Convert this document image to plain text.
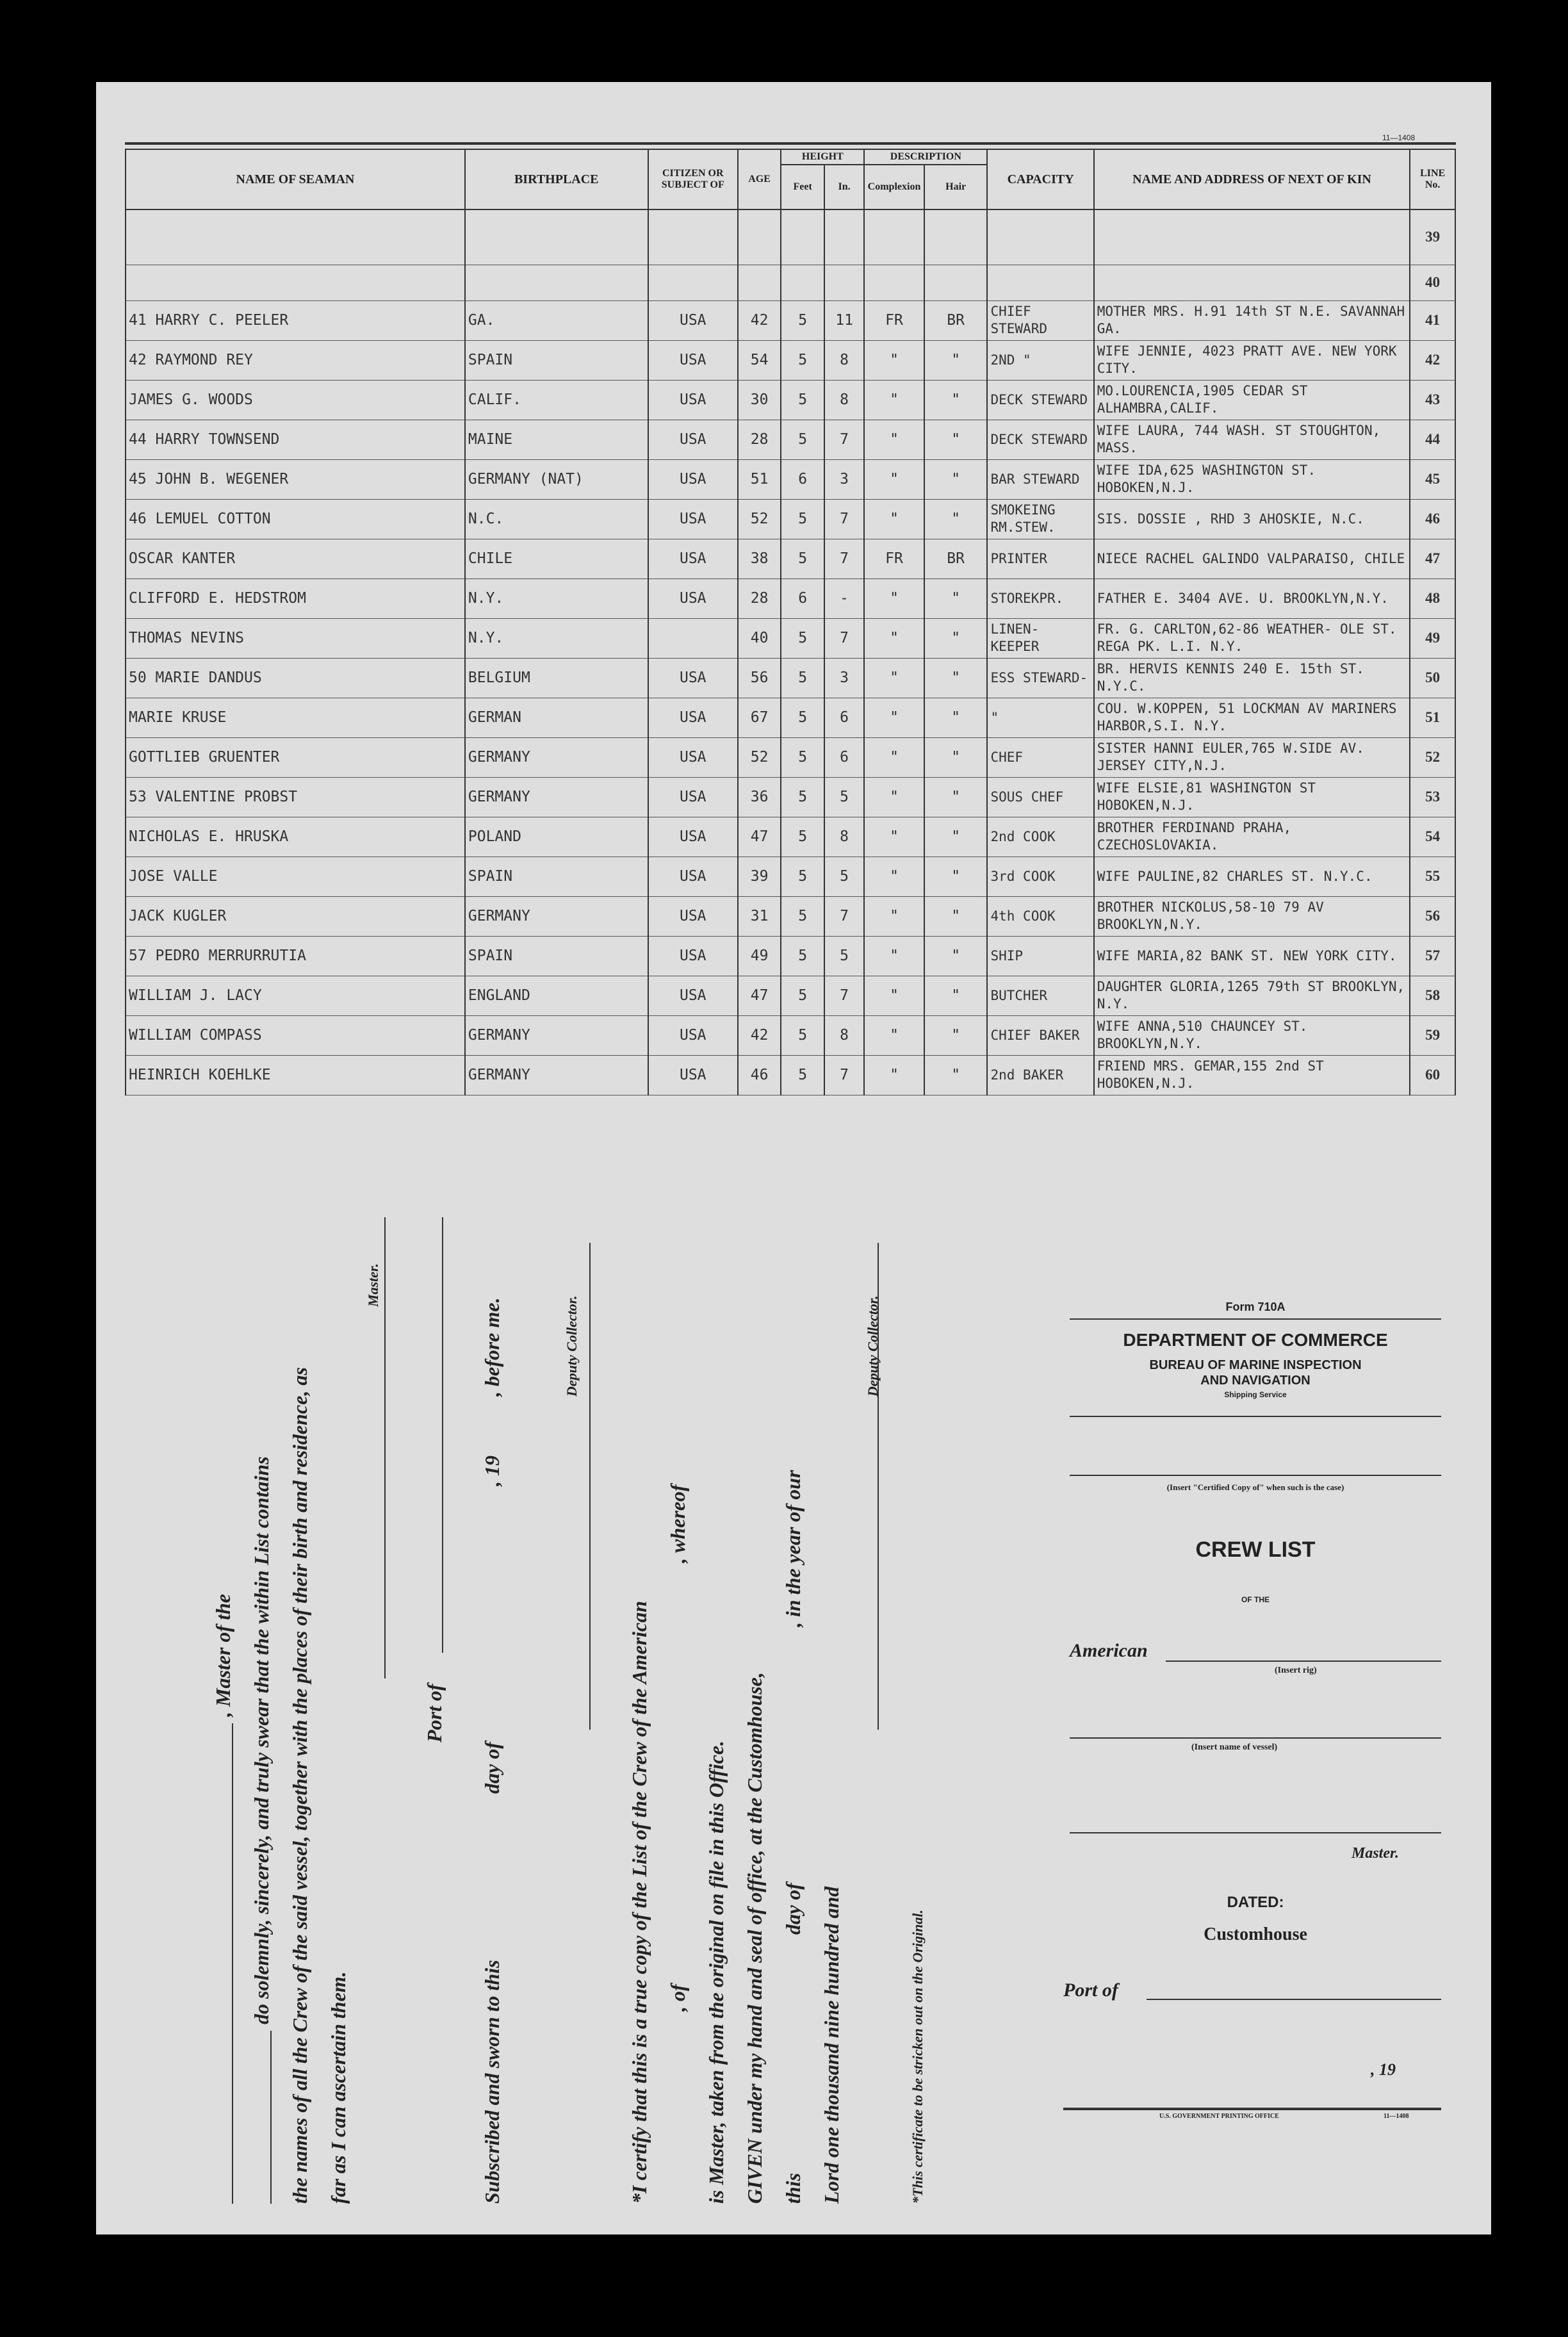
11—1408
NAME OF SEAMAN	BIRTHPLACE	CITIZEN OR SUBJECT OF	AGE	HEIGHT		DESCRIPTION		CAPACITY	NAME AND ADDRESS OF NEXT OF KIN	LINE No.
				Feet	In.	Complexion	Hair			
										39
										40
41 HARRY C. PEELER	GA.	USA	42	5	11	FR	BR	CHIEF STEWARD	MOTHER MRS. H.91 14th ST N.E. SAVANNAH GA.	41
42 RAYMOND REY	SPAIN	USA	54	5	8	"	"	2ND "	WIFE JENNIE, 4023 PRATT AVE. NEW YORK CITY.	42
JAMES G. WOODS	CALIF.	USA	30	5	8	"	"	DECK STEWARD	MO.LOURENCIA,1905 CEDAR ST ALHAMBRA,CALIF.	43
44 HARRY TOWNSEND	MAINE	USA	28	5	7	"	"	DECK STEWARD	WIFE LAURA, 744 WASH. ST STOUGHTON, MASS.	44
45 JOHN B. WEGENER	GERMANY (NAT)	USA	51	6	3	"	"	BAR STEWARD	WIFE IDA,625 WASHINGTON ST. HOBOKEN,N.J.	45
46 LEMUEL COTTON	N.C.	USA	52	5	7	"	"	SMOKEING RM.STEW.	SIS. DOSSIE , RHD 3 AHOSKIE, N.C.	46
OSCAR KANTER	CHILE	USA	38	5	7	FR	BR	PRINTER	NIECE RACHEL GALINDO VALPARAISO, CHILE	47
CLIFFORD E. HEDSTROM	N.Y.	USA	28	6	-	"	"	STOREKPR.	FATHER E. 3404 AVE. U. BROOKLYN,N.Y.	48
THOMAS NEVINS	N.Y.		40	5	7	"	"	LINEN- KEEPER	FR. G. CARLTON,62-86 WEATHER- OLE ST. REGA PK. L.I. N.Y.	49
50 MARIE DANDUS	BELGIUM	USA	56	5	3	"	"	ESS STEWARD-	BR. HERVIS KENNIS 240 E. 15th ST. N.Y.C.	50
MARIE KRUSE	GERMAN	USA	67	5	6	"	"	"	COU. W.KOPPEN, 51 LOCKMAN AV MARINERS HARBOR,S.I. N.Y.	51
GOTTLIEB GRUENTER	GERMANY	USA	52	5	6	"	"	CHEF	SISTER HANNI EULER,765 W.SIDE AV. JERSEY CITY,N.J.	52
53 VALENTINE PROBST	GERMANY	USA	36	5	5	"	"	SOUS CHEF	WIFE ELSIE,81 WASHINGTON ST HOBOKEN,N.J.	53
NICHOLAS E. HRUSKA	POLAND	USA	47	5	8	"	"	2nd COOK	BROTHER FERDINAND PRAHA, CZECHOSLOVAKIA.	54
JOSE VALLE	SPAIN	USA	39	5	5	"	"	3rd COOK	WIFE PAULINE,82 CHARLES ST. N.Y.C.	55
JACK KUGLER	GERMANY	USA	31	5	7	"	"	4th COOK	BROTHER NICKOLUS,58-10 79 AV BROOKLYN,N.Y.	56
57 PEDRO MERRURRUTIA	SPAIN	USA	49	5	5	"	"	SHIP	WIFE MARIA,82 BANK ST. NEW YORK CITY.	57
WILLIAM J. LACY	ENGLAND	USA	47	5	7	"	"	BUTCHER	DAUGHTER GLORIA,1265 79th ST BROOKLYN, N.Y.	58
WILLIAM COMPASS	GERMANY	USA	42	5	8	"	"	CHIEF BAKER	WIFE ANNA,510 CHAUNCEY ST. BROOKLYN,N.Y.	59
HEINRICH KOEHLKE	GERMANY	USA	46	5	7	"	"	2nd BAKER	FRIEND MRS. GEMAR,155 2nd ST HOBOKEN,N.J.	60
, Master of the do solemnly, sincerely, and truly swear that the within List contains the names of all the Crew of the said vessel, together with the places of their birth and residence, as far as I can ascertain them.
Master.
Port of
Subscribed and sworn to this
day of
, 19
, before me.	Deputy Collector.
*I certify that this is a true copy of the List of the Crew of the American , of
, whereof
is Master, taken from the original on file in this Office. GIVEN under my hand and seal of office, at the Customhouse, this
day of
, in the year of our
Lord one thousand nine hundred and
Deputy Collector.
*This certificate to be stricken out on the Original.
Form 710A
DEPARTMENT OF COMMERCE
BUREAU OF MARINE INSPECTION
AND NAVIGATION
Shipping Service
(Insert "Certified Copy of" when such is the case)
CREW LIST
OF THE
American
(Insert rig)
(Insert name of vessel)
Master.
DATED:
Customhouse
Port of
, 19
U.S. GOVERNMENT PRINTING OFFICE	11—1408
